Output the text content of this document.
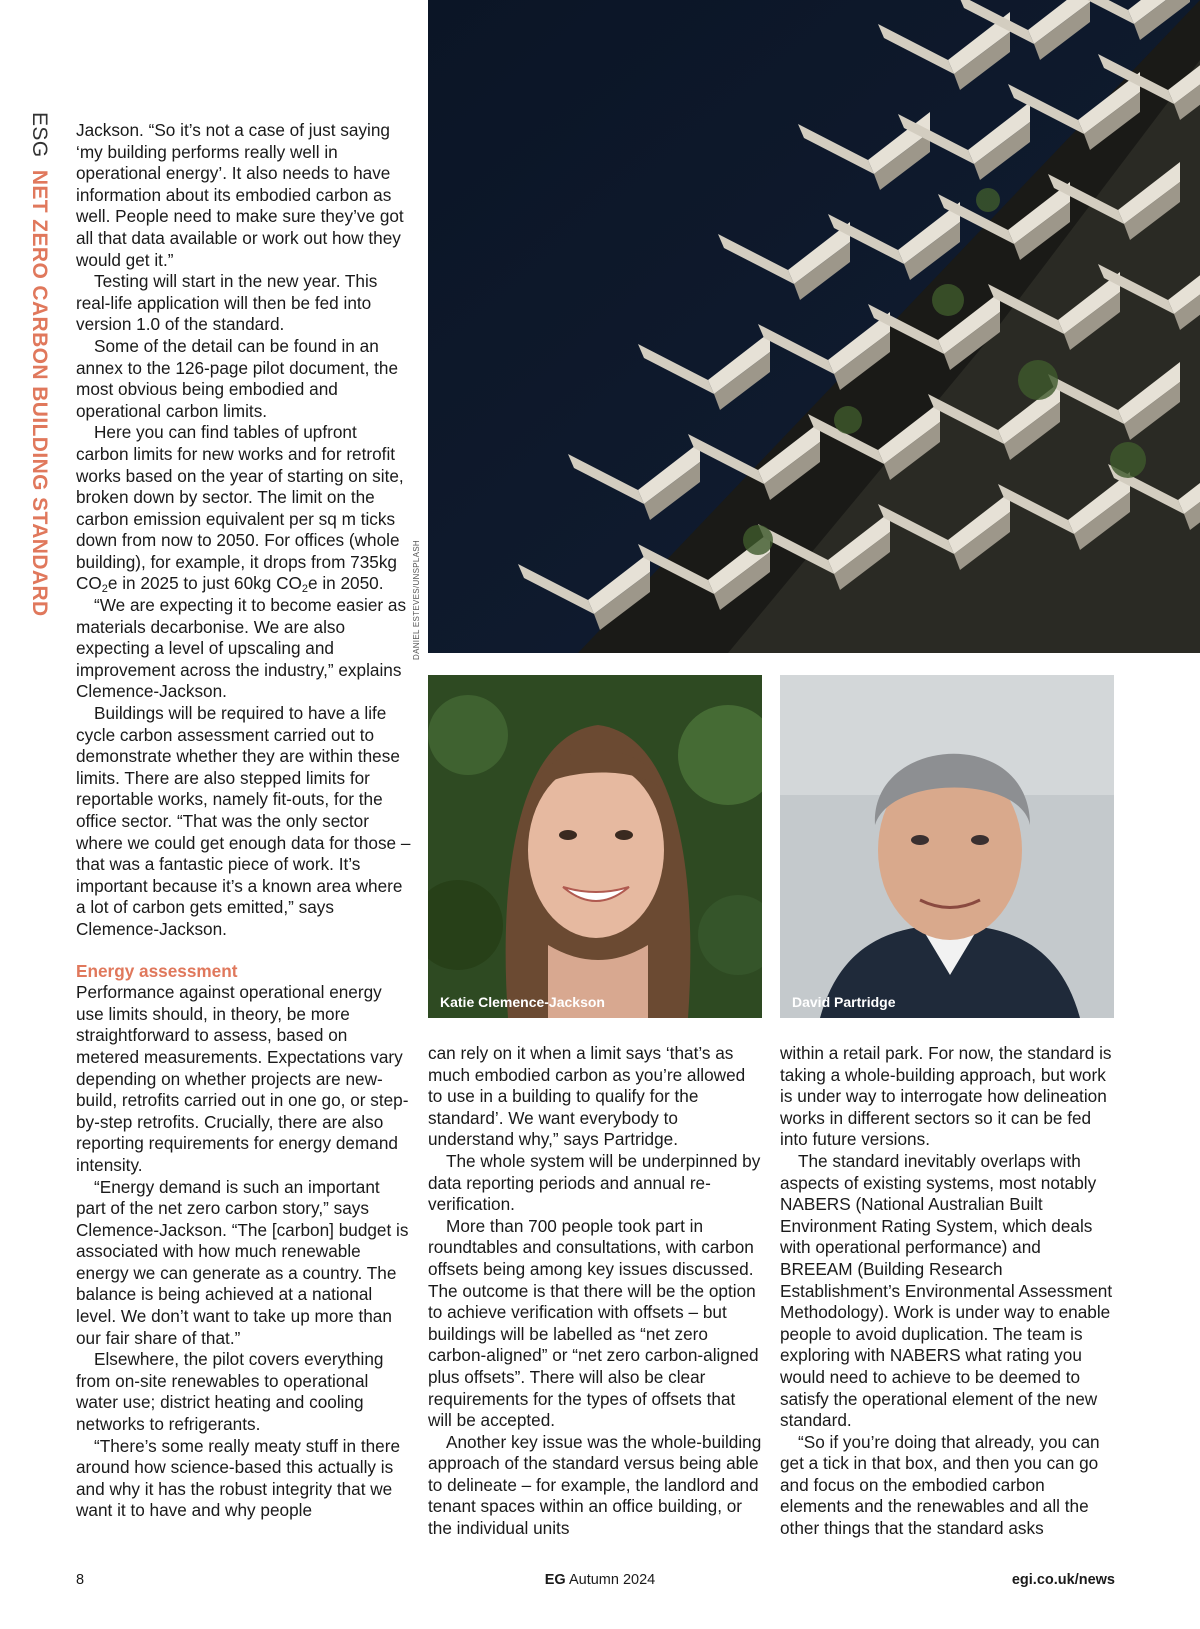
ESG NET ZERO CARBON BUILDING STANDARD

Jackson. “So it’s not a case of just saying ‘my building performs really well in operational energy’. It also needs to have information about its embodied carbon as well. People need to make sure they’ve got all that data available or work out how they would get it.”

Testing will start in the new year. This real-life application will then be fed into version 1.0 of the standard.

Some of the detail can be found in an annex to the 126-page pilot document, the most obvious being embodied and operational carbon limits.

Here you can find tables of upfront carbon limits for new works and for retrofit works based on the year of starting on site, broken down by sector. The limit on the carbon emission equivalent per sq m ticks down from now to 2050. For offices (whole building), for example, it drops from 735kg $CO_2e$ in 2025 to just 60kg $CO_2e$ in 2050.

“We are expecting it to become easier as materials decarbonise. We are also expecting a level of upscaling and improvement across the industry,” explains Clemence-Jackson.

Buildings will be required to have a life cycle carbon assessment carried out to demonstrate whether they are within these limits. There are also stepped limits for reportable works, namely fit-outs, for the office sector. “That was the only sector where we could get enough data for those – that was a fantastic piece of work. It’s important because it’s a known area where a lot of carbon gets emitted,” says Clemence-Jackson.

Energy assessment

Performance against operational energy use limits should, in theory, be more straightforward to assess, based on metered measurements. Expectations vary depending on whether projects are new-build, retrofits carried out in one go, or step-by-step retrofits. Crucially, there are also reporting requirements for energy demand intensity.

“Energy demand is such an important part of the net zero carbon story,” says Clemence-Jackson. “The [carbon] budget is associated with how much renewable energy we can generate as a country. The balance is being achieved at a national level. We don’t want to take up more than our fair share of that.”

Elsewhere, the pilot covers everything from on-site renewables to operational water use; district heating and cooling networks to refrigerants.

“There’s some really meaty stuff in there around how science-based this actually is and why it has the robust integrity that we want it to have and why people

DANIEL ESTEVES/UNSPLASH
Katie Clemence-Jackson	David Partridge

can rely on it when a limit says ‘that’s as much embodied carbon as you’re allowed to use in a building to qualify for the standard’. We want everybody to understand why,” says Partridge.

The whole system will be underpinned by data reporting periods and annual re-verification.

More than 700 people took part in roundtables and consultations, with carbon offsets being among key issues discussed. The outcome is that there will be the option to achieve verification with offsets – but buildings will be labelled as “net zero carbon-aligned” or “net zero carbon-aligned plus offsets”. There will also be clear requirements for the types of offsets that will be accepted.

Another key issue was the whole-building approach of the standard versus being able to delineate – for example, the landlord and tenant spaces within an office building, or the individual units

within a retail park. For now, the standard is taking a whole-building approach, but work is under way to interrogate how delineation works in different sectors so it can be fed into future versions.

The standard inevitably overlaps with aspects of existing systems, most notably NABERS (National Australian Built Environment Rating System, which deals with operational performance) and BREEAM (Building Research Establishment’s Environmental Assessment Methodology). Work is under way to enable people to avoid duplication. The team is exploring with NABERS what rating you would need to achieve to be deemed to satisfy the operational element of the new standard.

“So if you’re doing that already, you can get a tick in that box, and then you can go and focus on the embodied carbon elements and the renewables and all the other things that the standard asks

8	EG Autumn 2024	egi.co.uk/news
